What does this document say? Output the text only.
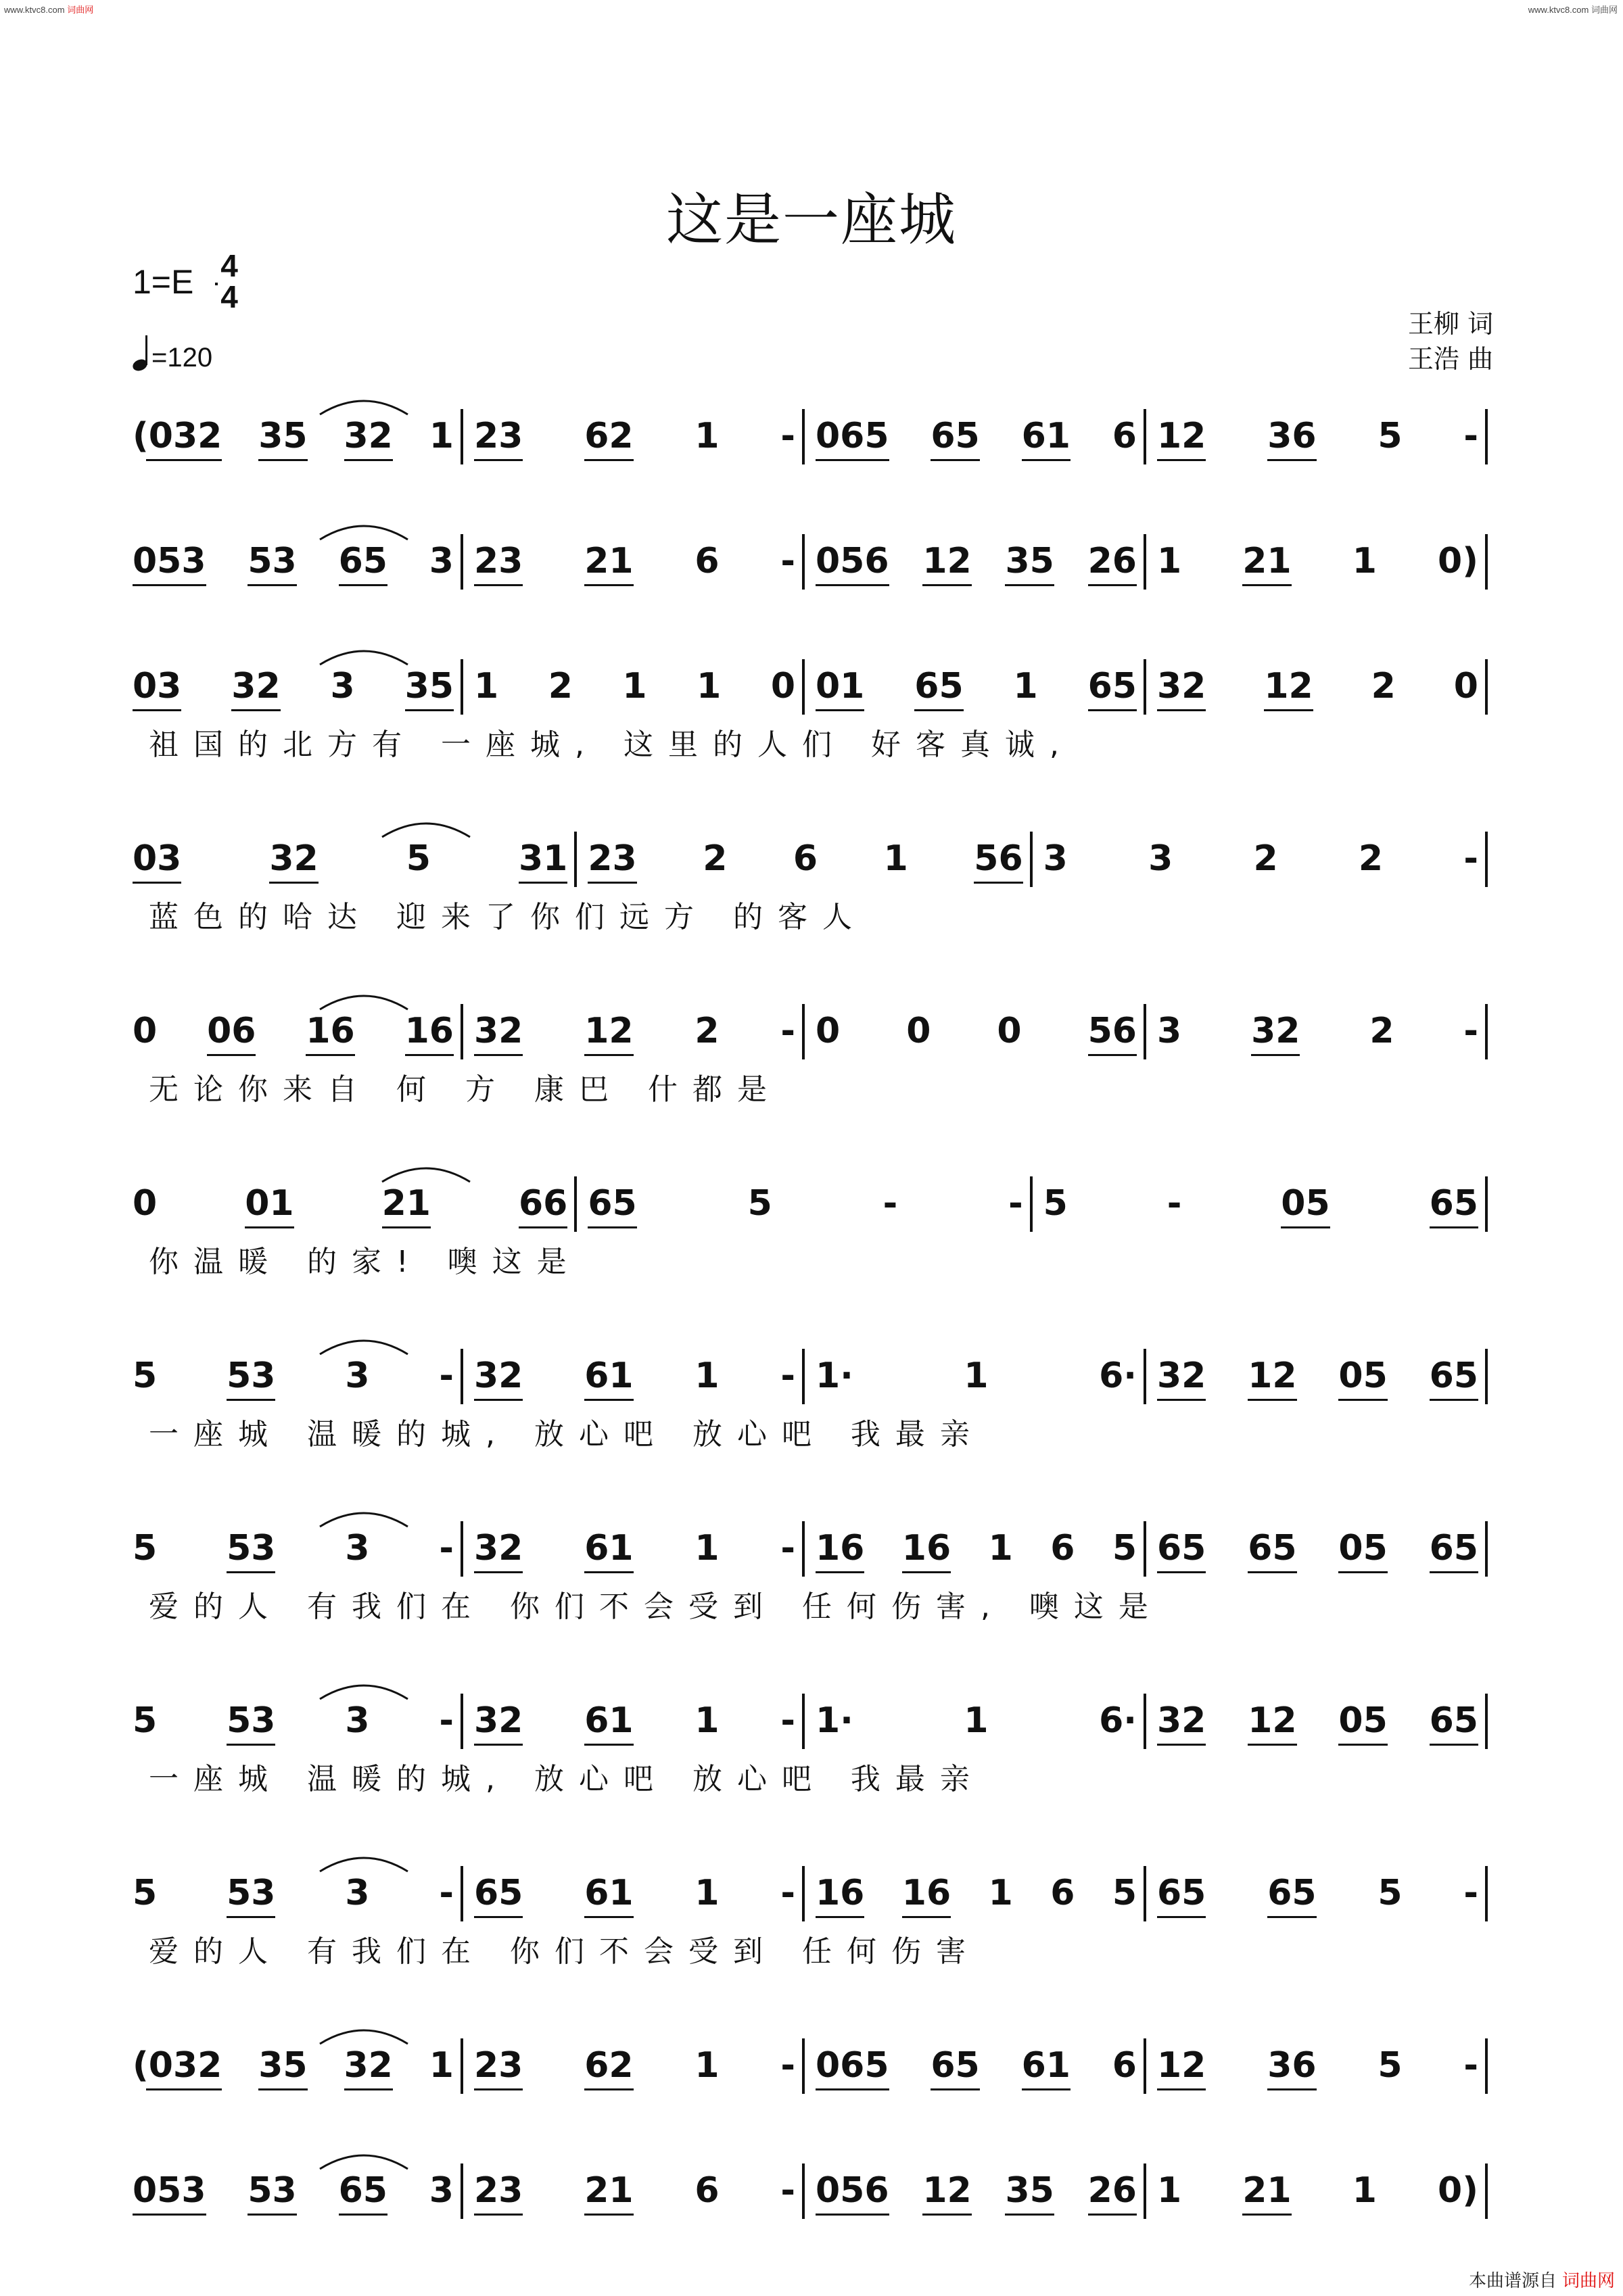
www.ktvc8.com 词曲网	www.ktvc8.com 词曲网
这是一座城
1=E 4
4
=120
王柳 词
王浩 曲
(032 35 32 1 23 62 1 - 065 65 61 6 12 36 5 -
053 53 65 3 23 21 6 - 056 12 35 26 1 21 1 0)
03 32 3 35 1 2 1 1 0 01 65 1 65 32 12 2 0
祖国的北方有 一座城, 这里的人们 好客真诚,
03	32	5	31 23 2 6 1 56 3 3 2 2 -
蓝色的哈达 迎来了你们远方 的客人
0 06 16 16 32 12 2 - 0 0 0 56 3 32 2 -
无论你来自 何 方 康巴 什都是
0	01	21	66 65	5	-	- 5	-	05	65
你温暖 的家! 噢这是
5 53 3 - 32 61 1 - 1·	1	6· 32 12 05 65
一座城 温暖的城, 放心吧 放心吧 我最亲
5 53 3 - 32 61 1 - 16 16 1 6 5 65 65 05 65
爱的人 有我们在 你们不会受到 任何伤害, 噢这是
5 53 3 - 32 61 1 - 1·	1	6· 32 12 05 65
一座城 温暖的城, 放心吧 放心吧 我最亲
5 53 3 - 65 61 1 - 16 16 1 6 5 65 65 5 -
爱的人 有我们在 你们不会受到 任何伤害
(032 35 32 1 23 62 1 - 065 65 61 6 12 36 5 -
053 53 65 3 23 21 6 - 056 12 35 26 1 21 1 0)
本曲谱源自 词曲网
